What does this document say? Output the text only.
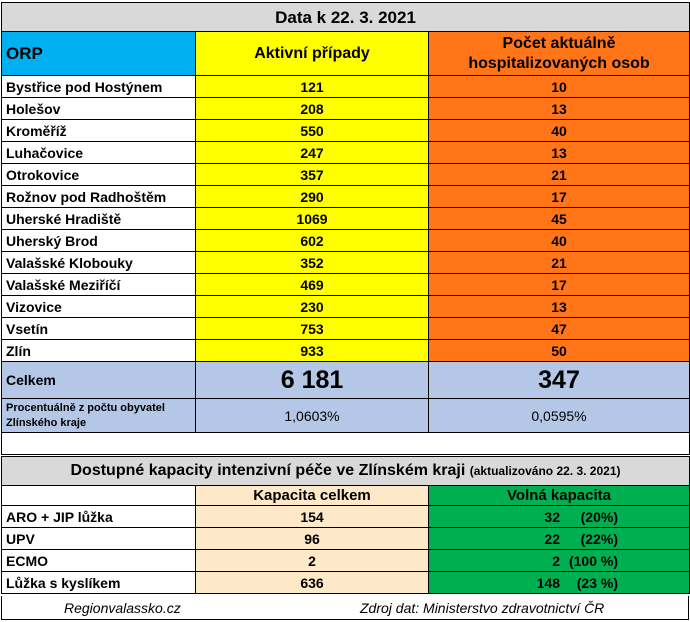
Data k 22. 3. 2021		
ORP	Aktivní případy	Počet aktuálně
hospitalizovaných osob

Bystřice pod Hostýnem	121	10
Holešov	208	13
Kroměříž	550	40
Luhačovice	247	13
Otrokovice	357	21
Rožnov pod Radhoštěm	290	17
Uherské Hradiště	1069	45
Uherský Brod	602	40
Valašské Klobouky	352	21
Valašské Meziříčí	469	17
Vizovice	230	13
Vsetín	753	47
Zlín	933	50
Celkem	6 181	347

Procentuálně z počtu obyvatel
Zlínského kraje	1,0603%	0,0595%

Dostupné kapacity intenzivní péče ve Zlínském kraji (aktualizováno 22. 3. 2021)		
	Kapacita celkem	Volná kapacita
ARO + JIP lůžka	154	32 (20%)
UPV	96	22 (22%)
ECMO	2	2 (100 %)
Lůžka s kyslíkem	636	148 (23 %)
Regionvalassko.cz	Zdroj dat: Ministerstvo zdravotnictví ČR
